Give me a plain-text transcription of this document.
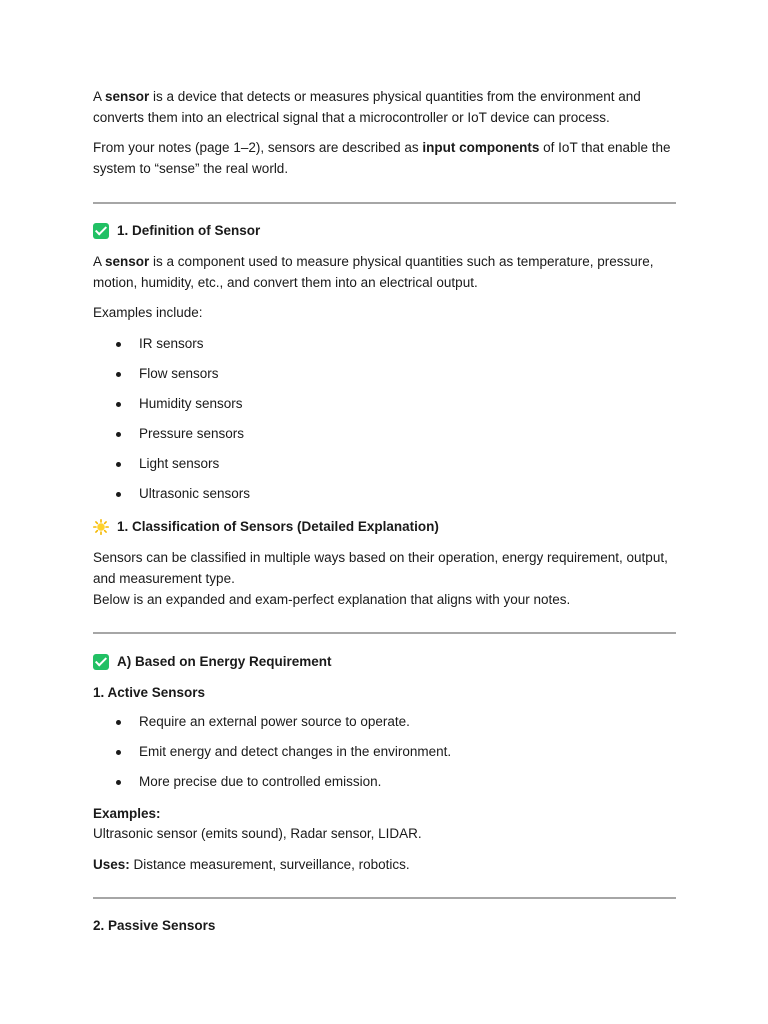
A sensor is a device that detects or measures physical quantities from the environment and converts them into an electrical signal that a microcontroller or IoT device can process.

From your notes (page 1–2), sensors are described as input components of IoT that enable the system to “sense” the real world.

1. Definition of Sensor

A sensor is a component used to measure physical quantities such as temperature, pressure, motion, humidity, etc., and convert them into an electrical output.

Examples include:

IR sensors
Flow sensors
Humidity sensors
Pressure sensors
Light sensors
Ultrasonic sensors
1. Classification of Sensors (Detailed Explanation)

Sensors can be classified in multiple ways based on their operation, energy requirement, output, and measurement type.

Below is an expanded and exam-perfect explanation that aligns with your notes.

A) Based on Energy Requirement

1. Active Sensors

Require an external power source to operate.
Emit energy and detect changes in the environment.
More precise due to controlled emission.

Examples:

Ultrasonic sensor (emits sound), Radar sensor, LIDAR.

Uses: Distance measurement, surveillance, robotics.

2. Passive Sensors
